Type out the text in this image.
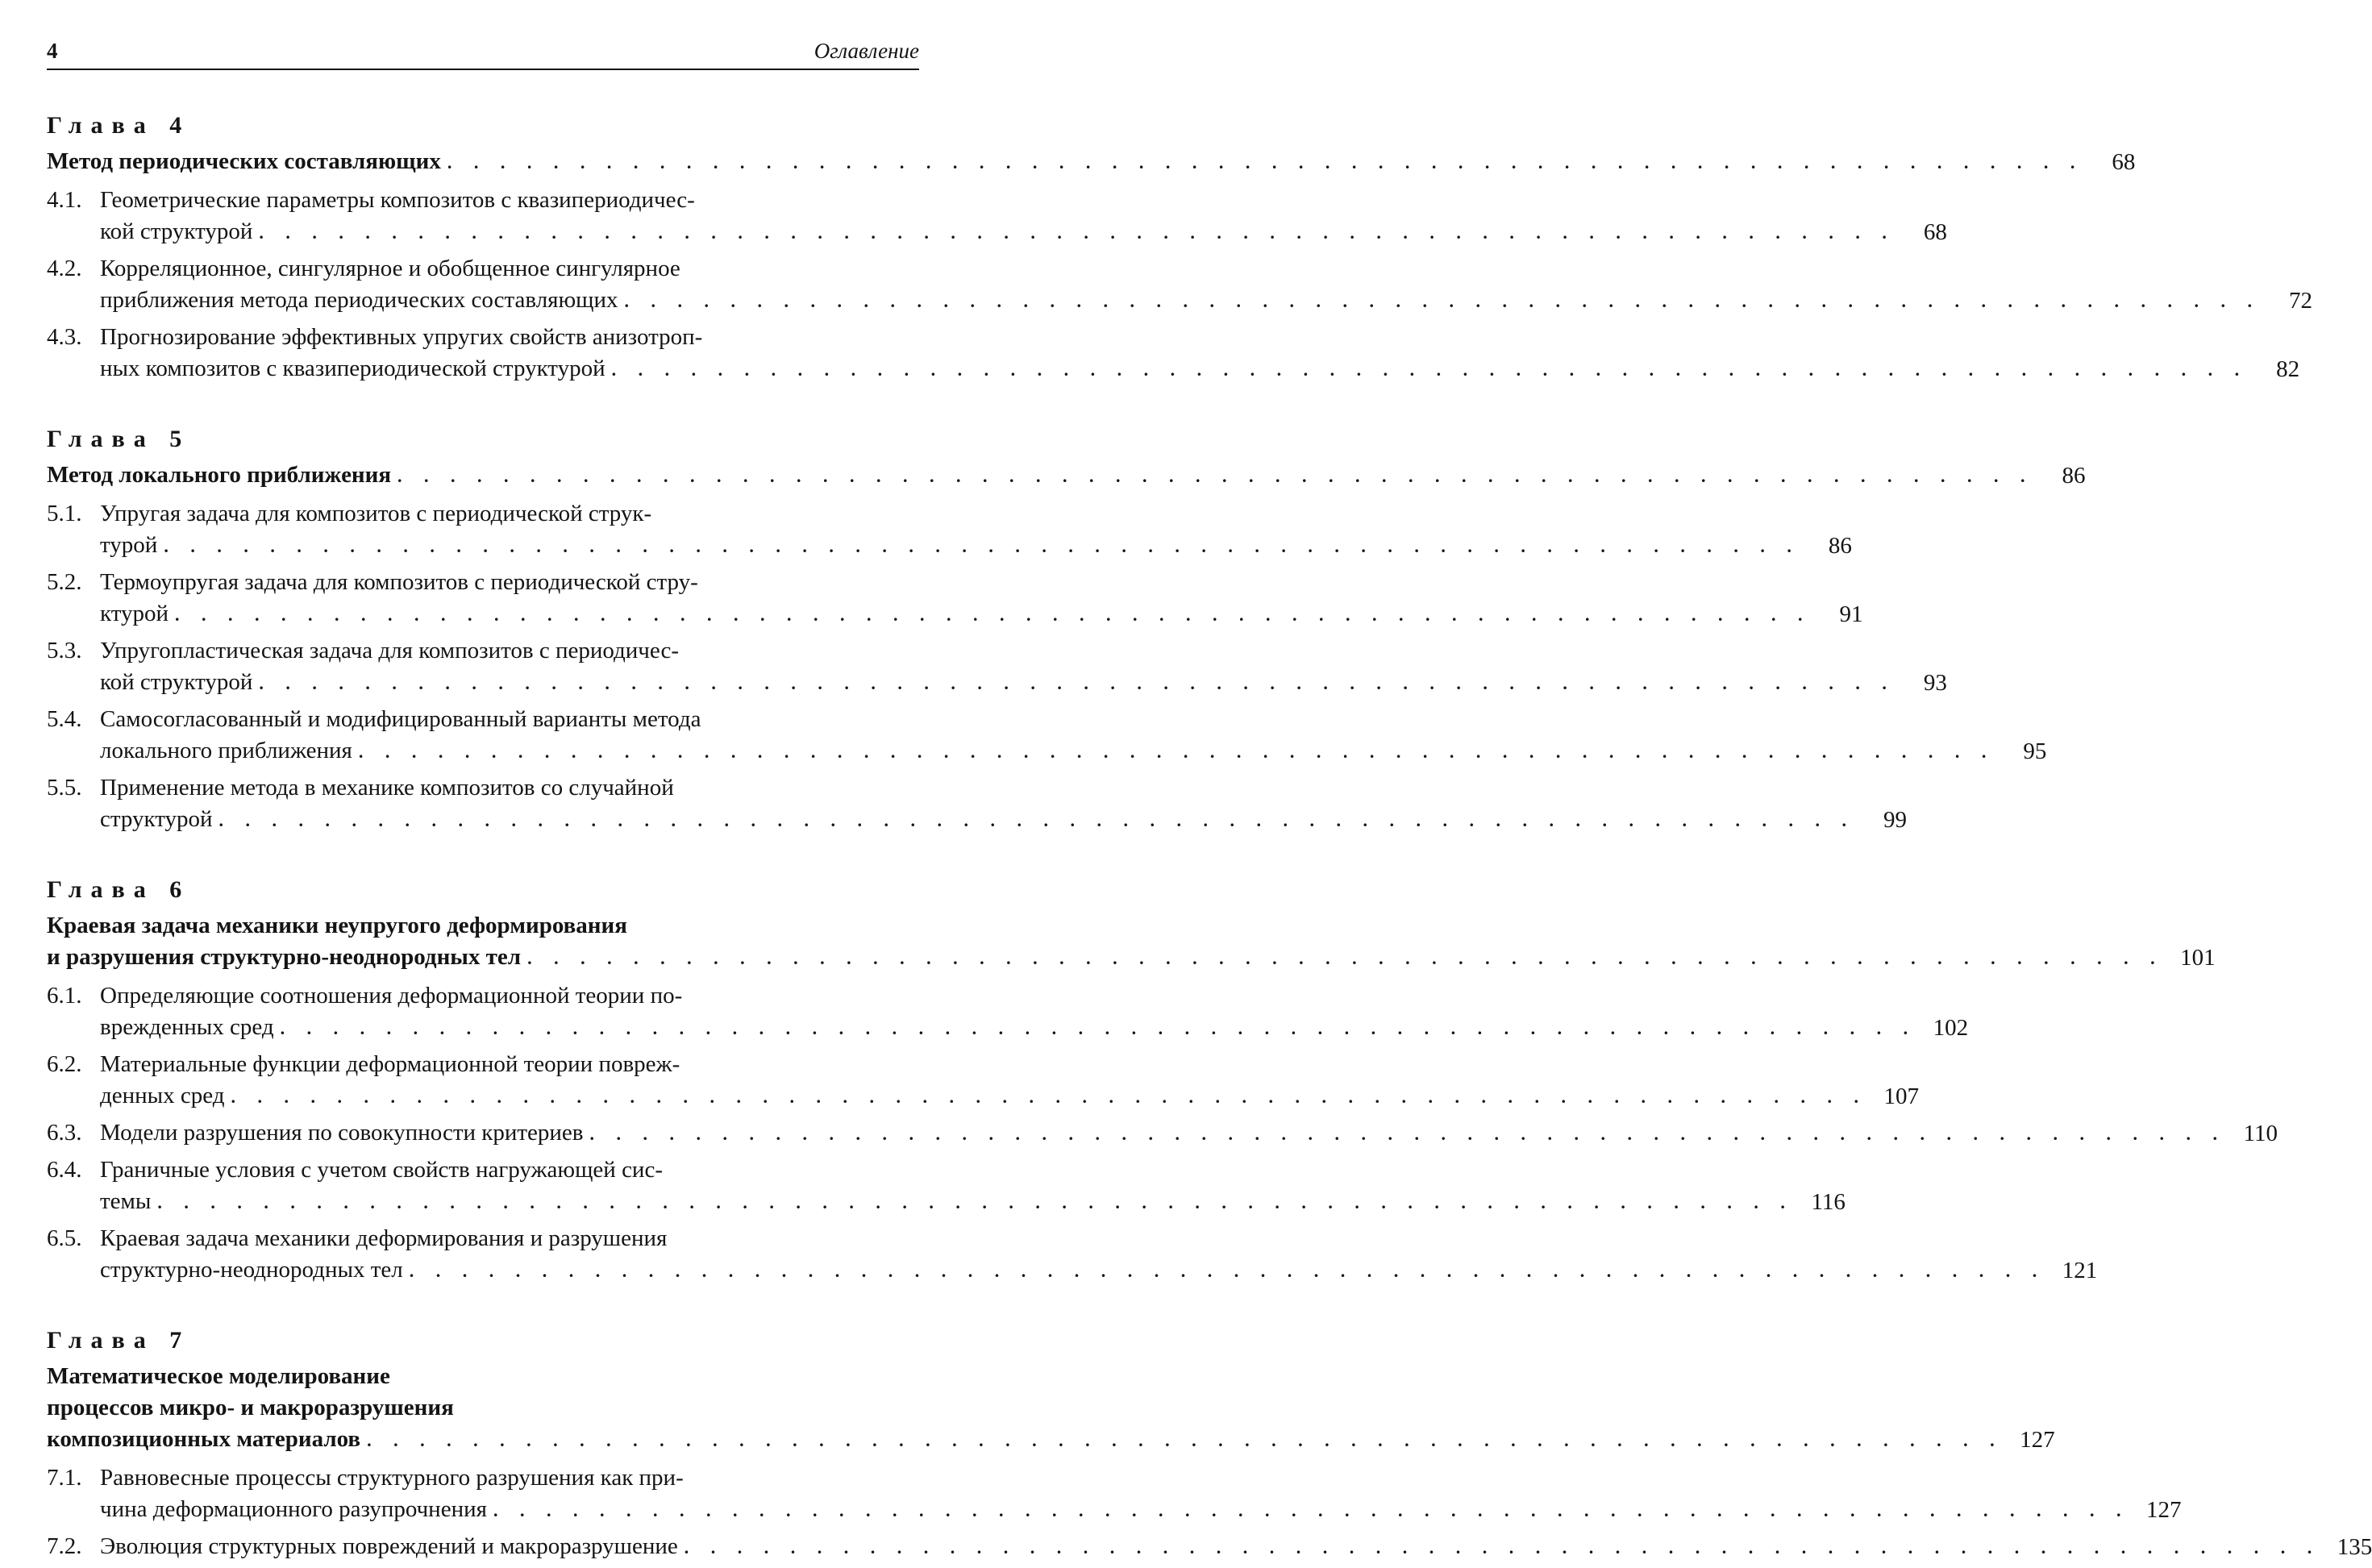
4	Оглавление
Глава 4
Метод периодических составляющих . . . . . . . . . . . . . . . . . . . . . . . . . . . . . . . . . . . . . . . . . . . . . . . . . . . . . . . . . . . . . .	68
4.1. Геометрические параметры композитов с квазипериодичес-
кой структурой . . . . . . . . . . . . . . . . . . . . . . . . . . . . . . . . . . . . . . . . . . . . . . . . . . . . . . . . . . . . . .	68
4.2. Корреляционное, сингулярное и обобщенное сингулярное
приближения метода периодических составляющих . . . . . . . . . . . . . . . . . . . . . . . . . . . . . . . . . . . . . . . . . . . . . . . . . . . . . . . . . . . . . .	72
4.3. Прогнозирование эффективных упругих свойств анизотроп-
ных композитов с квазипериодической структурой . . . . . . . . . . . . . . . . . . . . . . . . . . . . . . . . . . . . . . . . . . . . . . . . . . . . . . . . . . . . . .	82
Глава 5
Метод локального приближения . . . . . . . . . . . . . . . . . . . . . . . . . . . . . . . . . . . . . . . . . . . . . . . . . . . . . . . . . . . . . .	86
5.1. Упругая задача для композитов с периодической струк-
турой . . . . . . . . . . . . . . . . . . . . . . . . . . . . . . . . . . . . . . . . . . . . . . . . . . . . . . . . . . . . . .	86
5.2. Термоупругая задача для композитов с периодической стру-
ктурой . . . . . . . . . . . . . . . . . . . . . . . . . . . . . . . . . . . . . . . . . . . . . . . . . . . . . . . . . . . . . .	91
5.3. Упругопластическая задача для композитов с периодичес-
кой структурой . . . . . . . . . . . . . . . . . . . . . . . . . . . . . . . . . . . . . . . . . . . . . . . . . . . . . . . . . . . . . .	93
5.4. Самосогласованный и модифицированный варианты метода
локального приближения . . . . . . . . . . . . . . . . . . . . . . . . . . . . . . . . . . . . . . . . . . . . . . . . . . . . . . . . . . . . . .	95
5.5. Применение метода в механике композитов со случайной
структурой . . . . . . . . . . . . . . . . . . . . . . . . . . . . . . . . . . . . . . . . . . . . . . . . . . . . . . . . . . . . . .	99
Глава 6
Краевая задача механики неупругого деформирования
и разрушения структурно-неоднородных тел . . . . . . . . . . . . . . . . . . . . . . . . . . . . . . . . . . . . . . . . . . . . . . . . . . . . . . . . . . . . . . 101
6.1. Определяющие соотношения деформационной теории по-
врежденных сред . . . . . . . . . . . . . . . . . . . . . . . . . . . . . . . . . . . . . . . . . . . . . . . . . . . . . . . . . . . . . . 102
6.2. Материальные функции деформационной теории повреж-
денных сред . . . . . . . . . . . . . . . . . . . . . . . . . . . . . . . . . . . . . . . . . . . . . . . . . . . . . . . . . . . . . . 107
6.3. Модели разрушения по совокупности критериев . . . . . . . . . . . . . . . . . . . . . . . . . . . . . . . . . . . . . . . . . . . . . . . . . . . . . . . . . . . . . . 110
6.4. Граничные условия с учетом свойств нагружающей сис-
темы . . . . . . . . . . . . . . . . . . . . . . . . . . . . . . . . . . . . . . . . . . . . . . . . . . . . . . . . . . . . . . 116
6.5. Краевая задача механики деформирования и разрушения
структурно-неоднородных тел . . . . . . . . . . . . . . . . . . . . . . . . . . . . . . . . . . . . . . . . . . . . . . . . . . . . . . . . . . . . . . 121
Глава 7
Математическое моделирование
процессов микро- и макроразрушения
композиционных материалов . . . . . . . . . . . . . . . . . . . . . . . . . . . . . . . . . . . . . . . . . . . . . . . . . . . . . . . . . . . . . . 127
7.1. Равновесные процессы структурного разрушения как при-
чина деформационного разупрочнения . . . . . . . . . . . . . . . . . . . . . . . . . . . . . . . . . . . . . . . . . . . . . . . . . . . . . . . . . . . . . . 127
7.2. Эволюция структурных повреждений и макроразрушение . . . . . . . . . . . . . . . . . . . . . . . . . . . . . . . . . . . . . . . . . . . . . . . . . . . . . . . . . . . . . . 135
